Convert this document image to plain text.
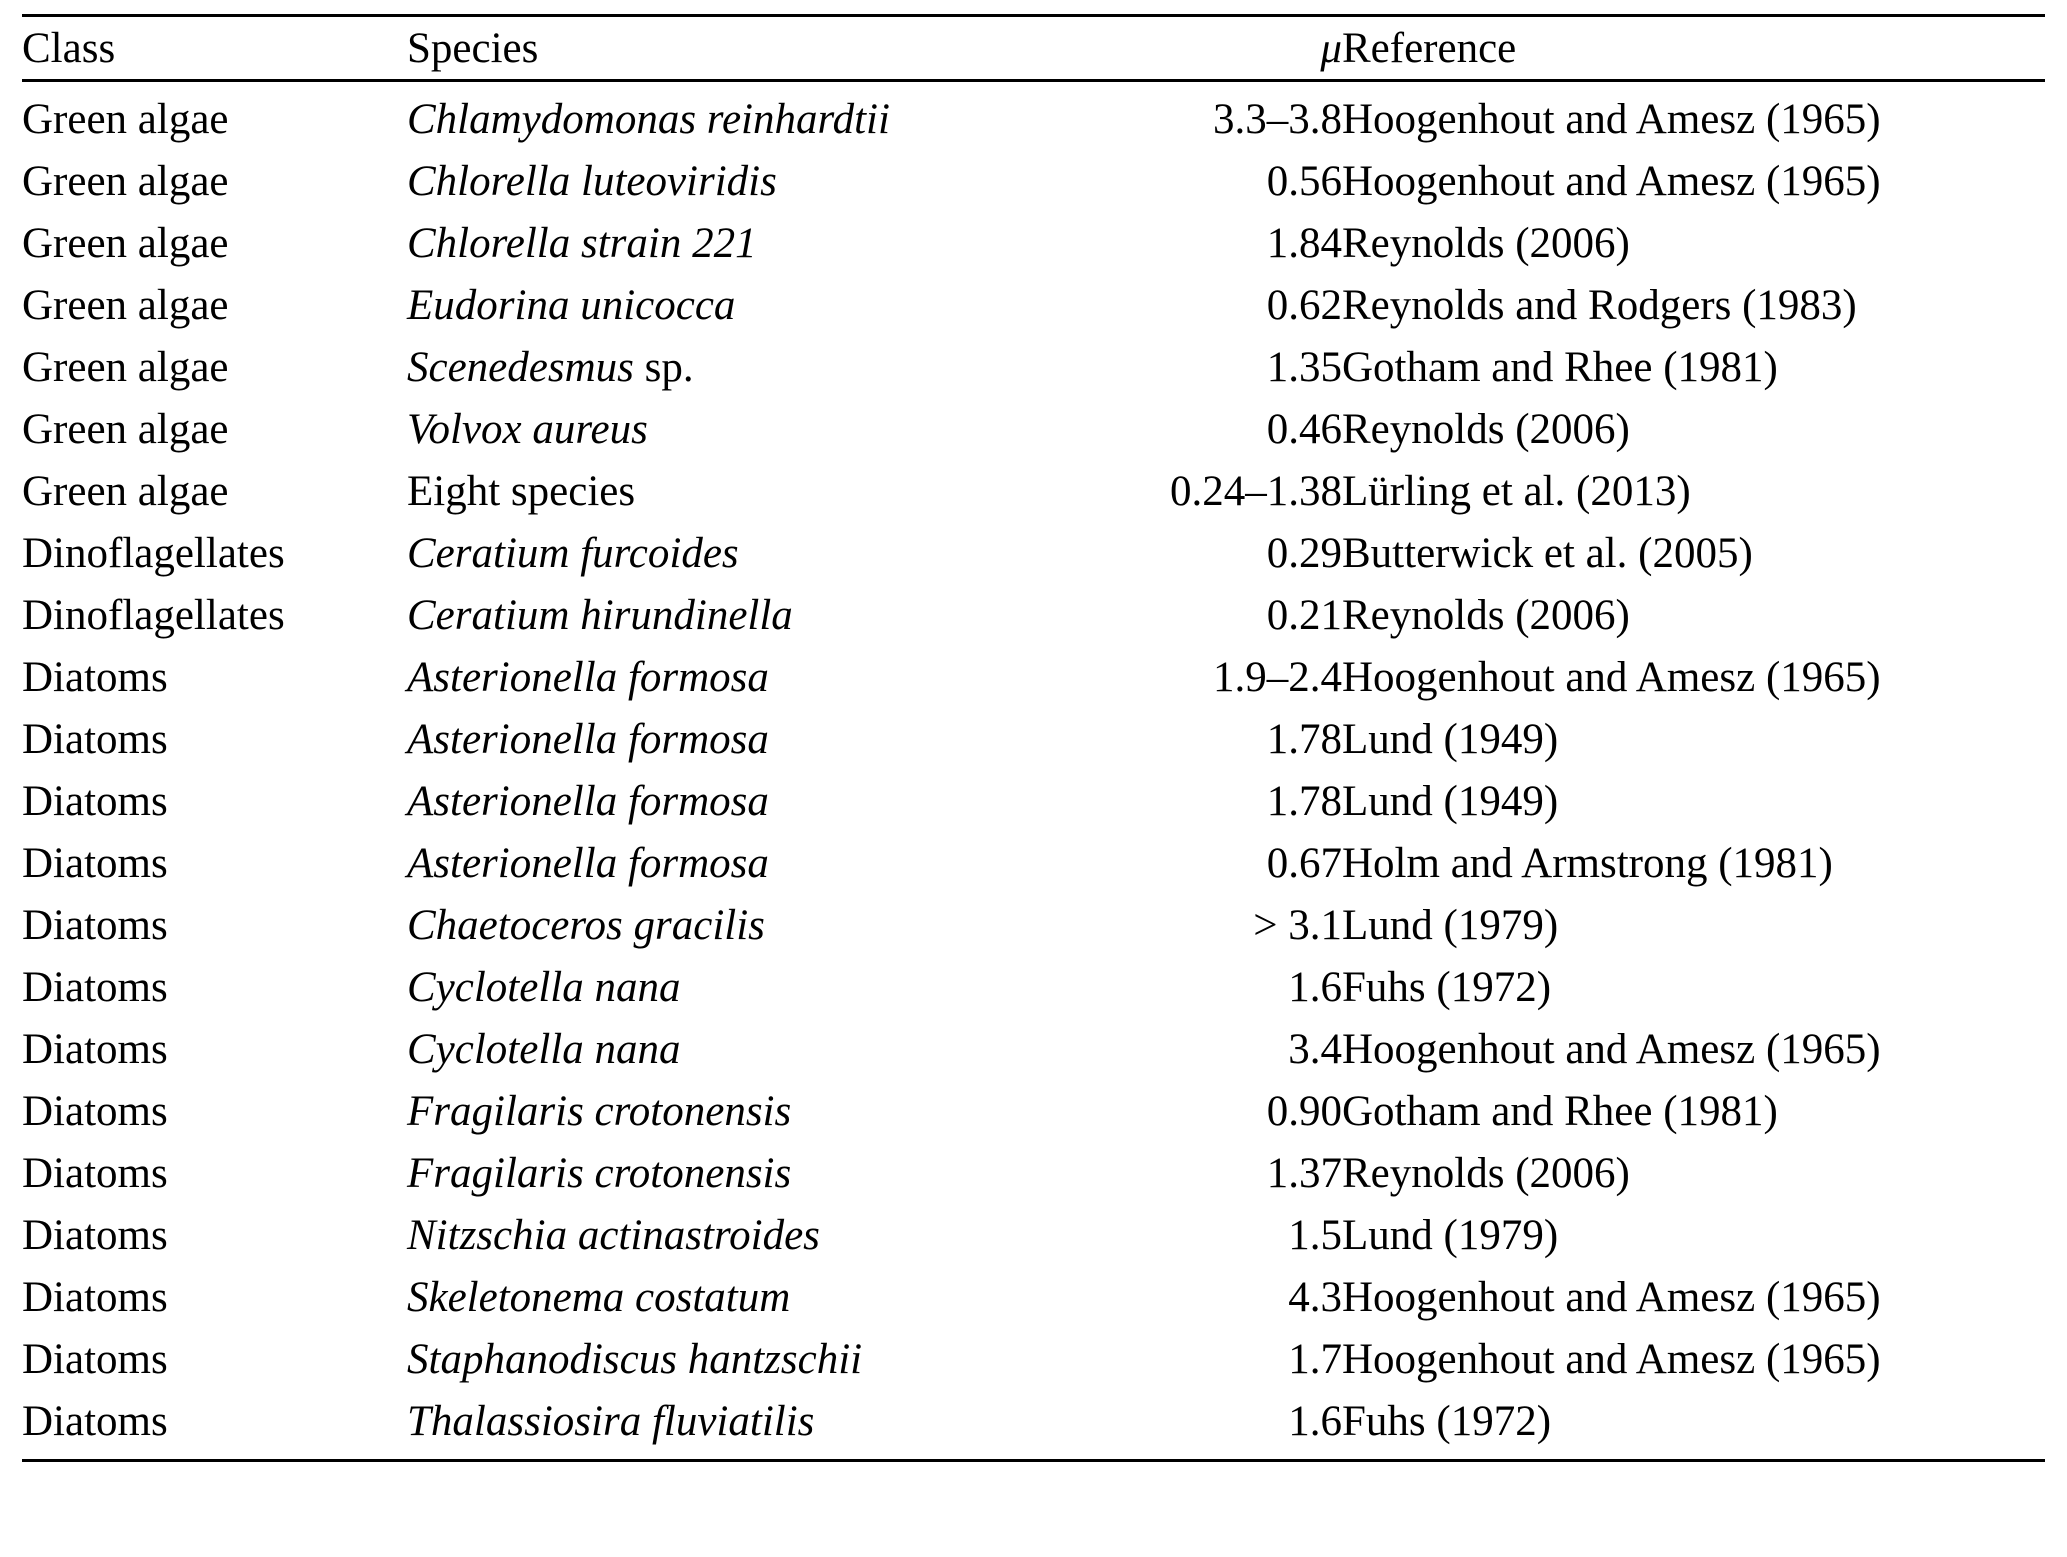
Class	Species	μ	Reference
Green algae	Chlamydomonas reinhardtii	3.3–3.8	Hoogenhout and Amesz (1965)
Green algae	Chlorella luteoviridis	0.56	Hoogenhout and Amesz (1965)
Green algae	Chlorella strain 221	1.84	Reynolds (2006)
Green algae	Eudorina unicocca	0.62	Reynolds and Rodgers (1983)
Green algae	Scenedesmus sp.	1.35	Gotham and Rhee (1981)
Green algae	Volvox aureus	0.46	Reynolds (2006)
Green algae	Eight species	0.24–1.38	Lürling et al. (2013)
Dinoflagellates	Ceratium furcoides	0.29	Butterwick et al. (2005)
Dinoflagellates	Ceratium hirundinella	0.21	Reynolds (2006)
Diatoms	Asterionella formosa	1.9–2.4	Hoogenhout and Amesz (1965)
Diatoms	Asterionella formosa	1.78	Lund (1949)
Diatoms	Asterionella formosa	1.78	Lund (1949)
Diatoms	Asterionella formosa	0.67	Holm and Armstrong (1981)
Diatoms	Chaetoceros gracilis	> 3.1	Lund (1979)
Diatoms	Cyclotella nana	1.6	Fuhs (1972)
Diatoms	Cyclotella nana	3.4	Hoogenhout and Amesz (1965)
Diatoms	Fragilaris crotonensis	0.90	Gotham and Rhee (1981)
Diatoms	Fragilaris crotonensis	1.37	Reynolds (2006)
Diatoms	Nitzschia actinastroides	1.5	Lund (1979)
Diatoms	Skeletonema costatum	4.3	Hoogenhout and Amesz (1965)
Diatoms	Staphanodiscus hantzschii	1.7	Hoogenhout and Amesz (1965)
Diatoms	Thalassiosira fluviatilis	1.6	Fuhs (1972)
